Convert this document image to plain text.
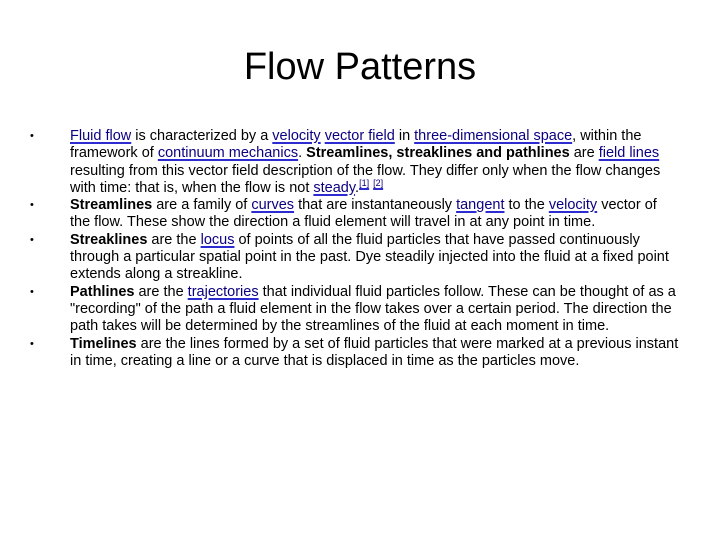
Flow Patterns
•	Fluid flow is characterized by a velocity vector field in three-dimensional space, within the framework of continuum mechanics. Streamlines, streaklines and pathlines are field lines resulting from this vector field description of the flow. They differ only when the flow changes with time: that is, when the flow is not steady.[1] [2]
•	Streamlines are a family of curves that are instantaneously tangent to the velocity vector of the flow. These show the direction a fluid element will travel in at any point in time.
•	Streaklines are the locus of points of all the fluid particles that have passed continuously through a particular spatial point in the past. Dye steadily injected into the fluid at a fixed point extends along a streakline.
•	Pathlines are the trajectories that individual fluid particles follow. These can be thought of as a "recording" of the path a fluid element in the flow takes over a certain period. The direction the path takes will be determined by the streamlines of the fluid at each moment in time.
•	Timelines are the lines formed by a set of fluid particles that were marked at a previous instant in time, creating a line or a curve that is displaced in time as the particles move.
